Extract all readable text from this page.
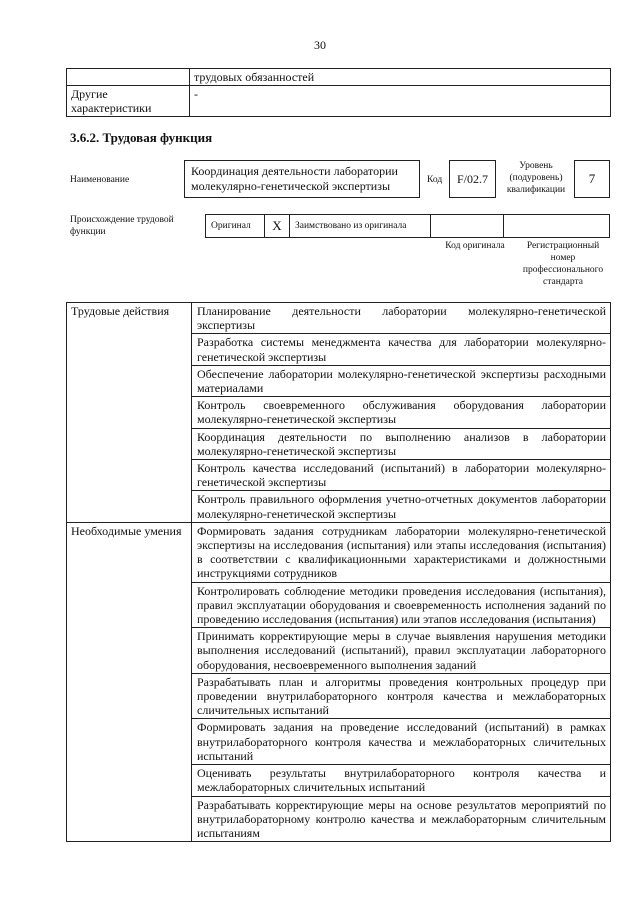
30
	трудовых обязанностей
Другие характеристики	-
3.6.2. Трудовая функция
Наименование
Координация деятельности лаборатории молекулярно-генетической экспертизы	Код	F/02.7
Уровень (подуровень) квалификации
7
Происхождение трудовой функции
Оригинал	X	Заимствовано из оригинала		
Код оригинала	Регистрационный номер профессионального стандарта
Трудовые действия	Планирование деятельности лаборатории молекулярно-генетической экспертизы
	Разработка системы менеджмента качества для лаборатории молекулярно-генетической экспертизы
	Обеспечение лаборатории молекулярно-генетической экспертизы расходными материалами
	Контроль своевременного обслуживания оборудования лаборатории молекулярно-генетической экспертизы
	Координация деятельности по выполнению анализов в лаборатории молекулярно-генетической экспертизы
	Контроль качества исследований (испытаний) в лаборатории молекулярно-генетической экспертизы
	Контроль правильного оформления учетно-отчетных документов лаборатории молекулярно-генетической экспертизы
Необходимые умения	Формировать задания сотрудникам лаборатории молекулярно-генетической экспертизы на исследования (испытания) или этапы исследования (испытания) в соответствии с квалификационными характеристиками и должностными инструкциями сотрудников
	Контролировать соблюдение методики проведения исследования (испытания), правил эксплуатации оборудования и своевременность исполнения заданий по проведению исследования (испытания) или этапов исследования (испытания)
	Принимать корректирующие меры в случае выявления нарушения методики выполнения исследований (испытаний), правил эксплуатации лабораторного оборудования, несвоевременного выполнения заданий
	Разрабатывать план и алгоритмы проведения контрольных процедур при проведении внутрилабораторного контроля качества и межлабораторных сличительных испытаний
	Формировать задания на проведение исследований (испытаний) в рамках внутрилабораторного контроля качества и межлабораторных сличительных испытаний
	Оценивать результаты внутрилабораторного контроля качества и межлабораторных сличительных испытаний
	Разрабатывать корректирующие меры на основе результатов мероприятий по внутрилабораторному контролю качества и межлабораторным сличительным испытаниям
